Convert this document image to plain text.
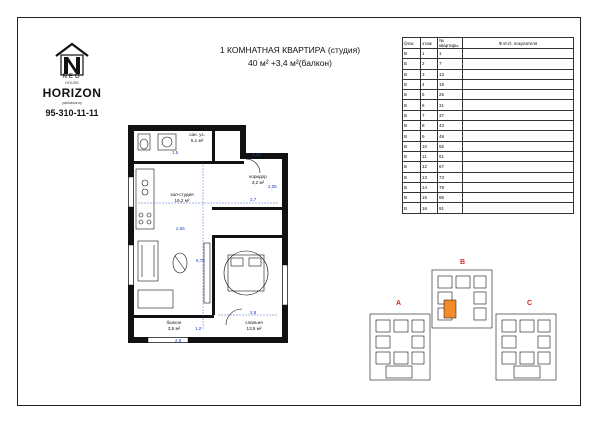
NEO
HOUSE
HORIZON
yakkasaroy
95-310-11-11
1 КОМНАТНАЯ КВАРТИРА (студия)
40 м² +3,4 м²(балкон)
блок	этаж	№ квартиры	Ф.И.О. покупателя
B	1	1	
B	2	7	
B	3	13	
B	4	19	
B	5	25	
B	6	31	
B	7	37	
B	8	43	
B	9	49	
B	10	55	
B	11	61	
B	12	67	
B	13	73	
B	14	79	
B	15	85	
B	16	91	
сан. уз.
5,1 м²
коридор
3,2 м²
зал-студия
16,2 м²
спальня
13,5 м²
балкон
3,5 м²
3,43
1,5
2,05
2,7
2,65
6,75
2,8
1,2
2,9
A
B
C
